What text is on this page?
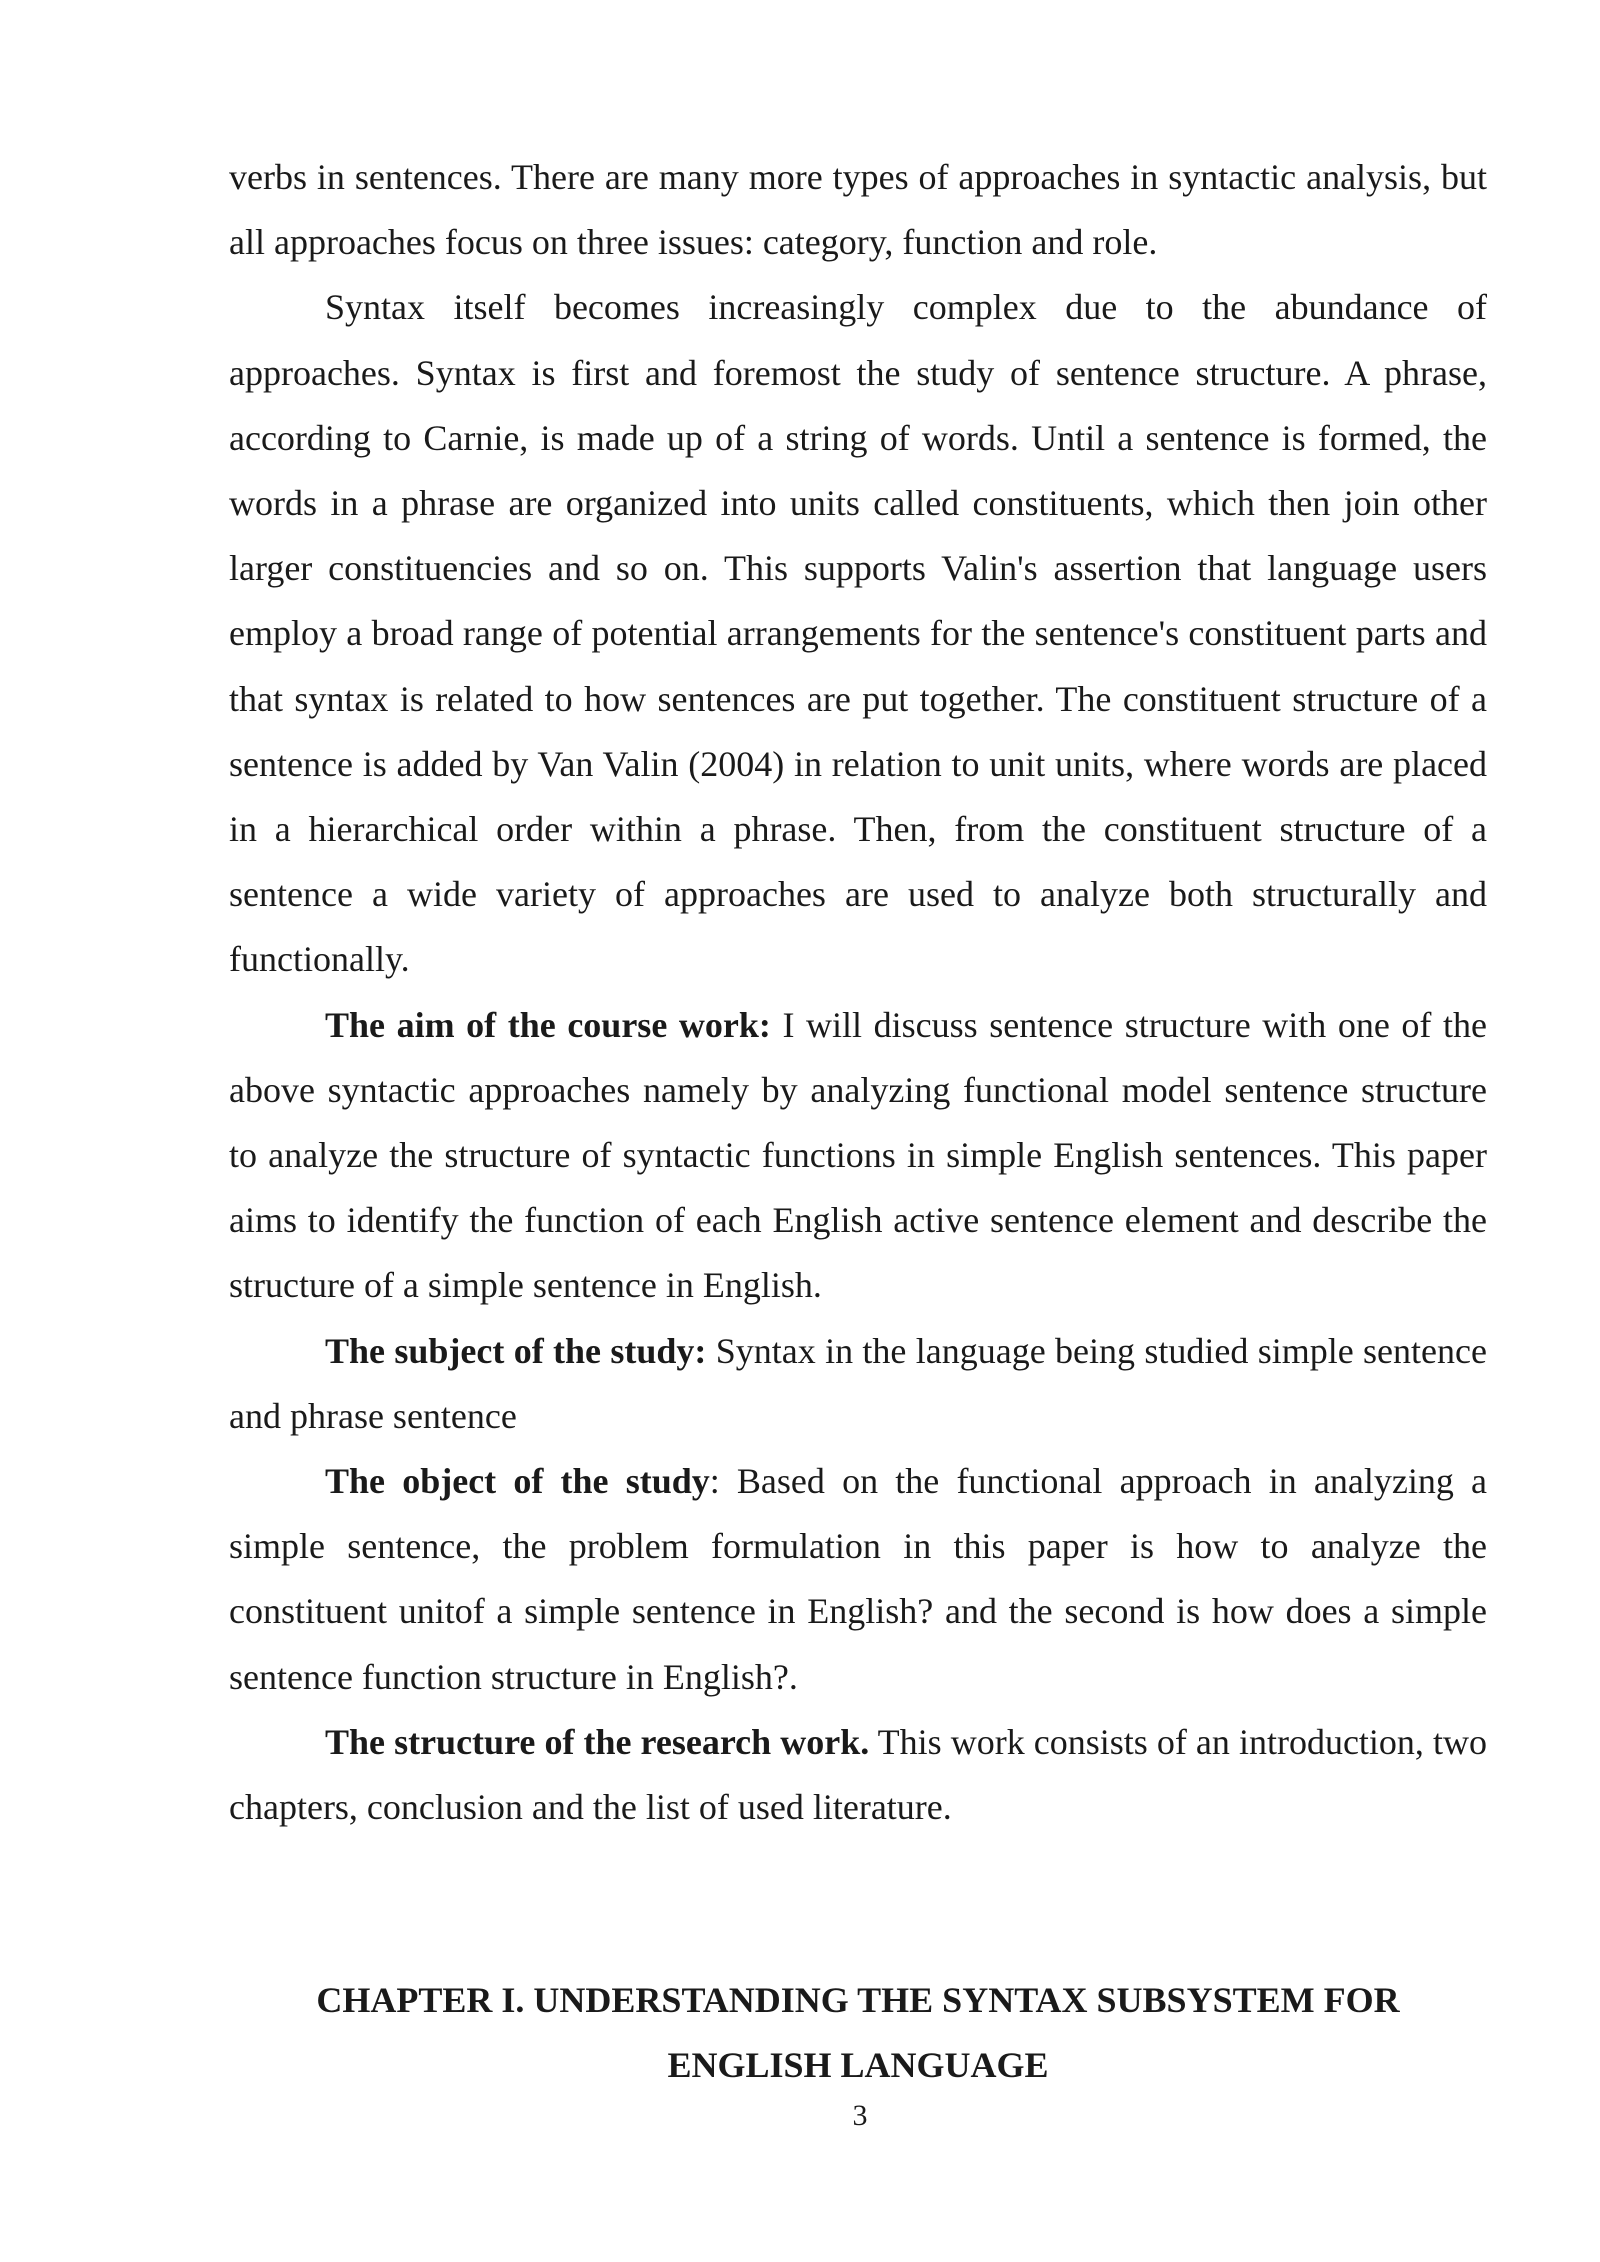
verbs in sentences. There are many more types of approaches in syntactic analysis, but all approaches focus on three issues: category, function and role.

Syntax itself becomes increasingly complex due to the abundance of approaches. Syntax is first and foremost the study of sentence structure. A phrase, according to Carnie, is made up of a string of words. Until a sentence is formed, the words in a phrase are organized into units called constituents, which then join other larger constituencies and so on. This supports Valin's assertion that language users employ a broad range of potential arrangements for the sentence's constituent parts and that syntax is related to how sentences are put together. The constituent structure of a sentence is added by Van Valin (2004) in relation to unit units, where words are placed in a hierarchical order within a phrase. Then, from the constituent structure of a sentence a wide variety of approaches are used to analyze both structurally and functionally.

The aim of the course work: I will discuss sentence structure with one of the above syntactic approaches namely by analyzing functional model sentence structure to analyze the structure of syntactic functions in simple English sentences. This paper aims to identify the function of each English active sentence element and describe the structure of a simple sentence in English.

The subject of the study: Syntax in the language being studied simple sentence and phrase sentence

The object of the study: Based on the functional approach in analyzing a simple sentence, the problem formulation in this paper is how to analyze the constituent unitof a simple sentence in English? and the second is how does a simple sentence function structure in English?.

The structure of the research work. This work consists of an introduction, two chapters, conclusion and the list of used literature.

CHAPTER I. UNDERSTANDING THE SYNTAX SUBSYSTEM FOR
ENGLISH LANGUAGE

3
